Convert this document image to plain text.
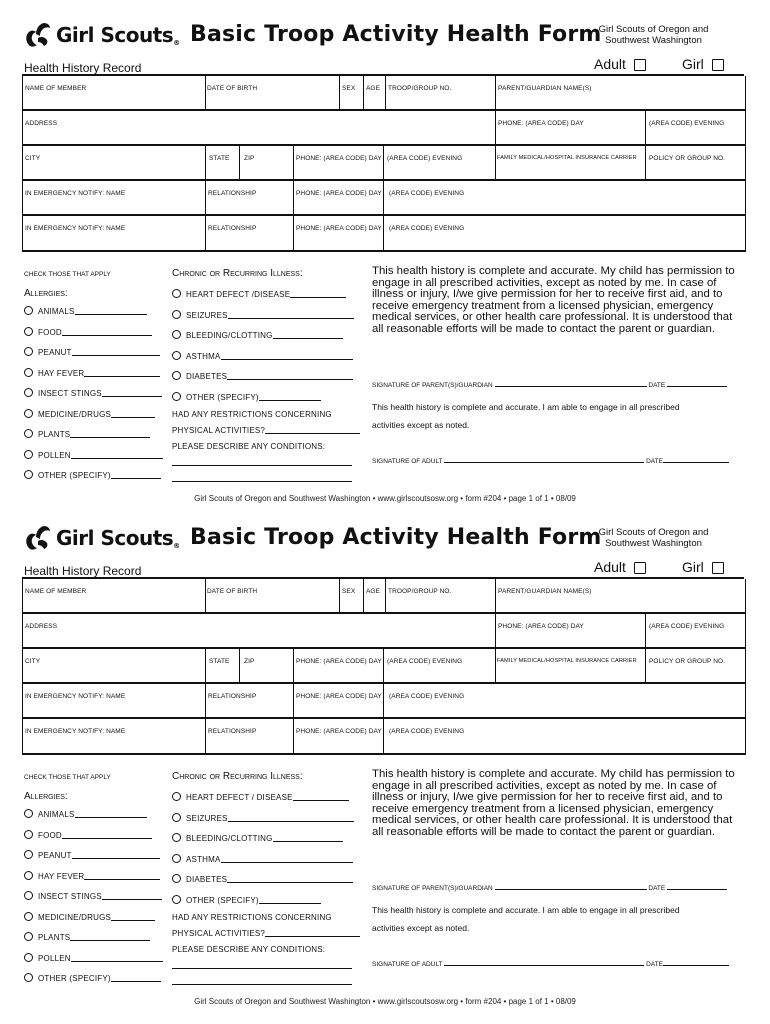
Girl Scouts® Basic Troop Activity Health Form
Girl Scouts of Oregon and Southwest Washington
Health History Record	Adult	Girl
NAME OF MEMBER	DATE OF BIRTH	SEX AGE TROOP/GROUP NO.	PARENT/GUARDIAN NAME(S)
ADDRESS	PHONE: (AREA CODE) DAY	(AREA CODE) EVENING
CITY	STATE ZIP	PHONE: (AREA CODE) DAY (AREA CODE) EVENING	FAMILY MEDICAL/HOSPITAL INSURANCE CARRIER POLICY OR GROUP NO.
IN EMERGENCY NOTIFY: NAME	RELATIONSHIP	PHONE: (AREA CODE) DAY (AREA CODE) EVENING
IN EMERGENCY NOTIFY: NAME	RELATIONSHIP	PHONE: (AREA CODE) DAY (AREA CODE) EVENING
CHECK THOSE THAT APPLY
Allergies:
ANIMALS
FOOD
PEANUT
HAY FEVER
INSECT STINGS
MEDICINE/DRUGS
PLANTS
POLLEN
OTHER (SPECIFY)
Chronic or Recurring Illness:
HEART DEFECT /DISEASE
SEIZURES
BLEEDING/CLOTTING
ASTHMA
DIABETES
OTHER (SPECIFY)
HAD ANY RESTRICTIONS CONCERNING
PHYSICAL ACTIVITIES?
PLEASE DESCRIBE ANY CONDITIONS:
This health history is complete and accurate. My child has permission to engage in all prescribed activities, except as noted by me. In case of illness or injury, I/we give permission for her to receive first aid, and to receive emergency treatment from a licensed physician, emergency medical services, or other health care professional. It is understood that all reasonable efforts will be made to contact the parent or guardian.
SIGNATURE OF PARENT(S)/GUARDIAN	DATE
This health history is complete and accurate. I am able to engage in all prescribed
activities except as noted.
SIGNATURE OF ADULT	DATE
Girl Scouts of Oregon and Southwest Washington • www.girlscoutsosw.org • form #204 • page 1 of 1 • 08/09
Girl Scouts® Basic Troop Activity Health Form
Girl Scouts of Oregon and Southwest Washington
Health History Record	Adult	Girl
NAME OF MEMBER	DATE OF BIRTH	SEX AGE TROOP/GROUP NO.	PARENT/GUARDIAN NAME(S)
ADDRESS	PHONE: (AREA CODE) DAY	(AREA CODE) EVENING
CITY	STATE ZIP	PHONE: (AREA CODE) DAY (AREA CODE) EVENING	FAMILY MEDICAL/HOSPITAL INSURANCE CARRIER POLICY OR GROUP NO.
IN EMERGENCY NOTIFY: NAME	RELATIONSHIP	PHONE: (AREA CODE) DAY (AREA CODE) EVENING
IN EMERGENCY NOTIFY: NAME	RELATIONSHIP	PHONE: (AREA CODE) DAY (AREA CODE) EVENING
CHECK THOSE THAT APPLY
Allergies:
ANIMALS
FOOD
PEANUT
HAY FEVER
INSECT STINGS
MEDICINE/DRUGS
PLANTS
POLLEN
OTHER (SPECIFY)
Chronic or Recurring Illness:
HEART DEFECT / DISEASE
SEIZURES
BLEEDING/CLOTTING
ASTHMA
DIABETES
OTHER (SPECIFY)
HAD ANY RESTRICTIONS CONCERNING
PHYSICAL ACTIVITIES?
PLEASE DESCRIBE ANY CONDITIONS:
This health history is complete and accurate. My child has permission to engage in all prescribed activities, except as noted by me. In case of illness or injury, I/we give permission for her to receive first aid, and to receive emergency treatment from a licensed physician, emergency medical services, or other health care professional. It is understood that all reasonable efforts will be made to contact the parent or guardian.
SIGNATURE OF PARENT(S)/GUARDIAN	DATE
This health history is complete and accurate. I am able to engage in all prescribed
activities except as noted.
SIGNATURE OF ADULT	DATE
Girl Scouts of Oregon and Southwest Washington • www.girlscoutsosw.org • form #204 • page 1 of 1 • 08/09
